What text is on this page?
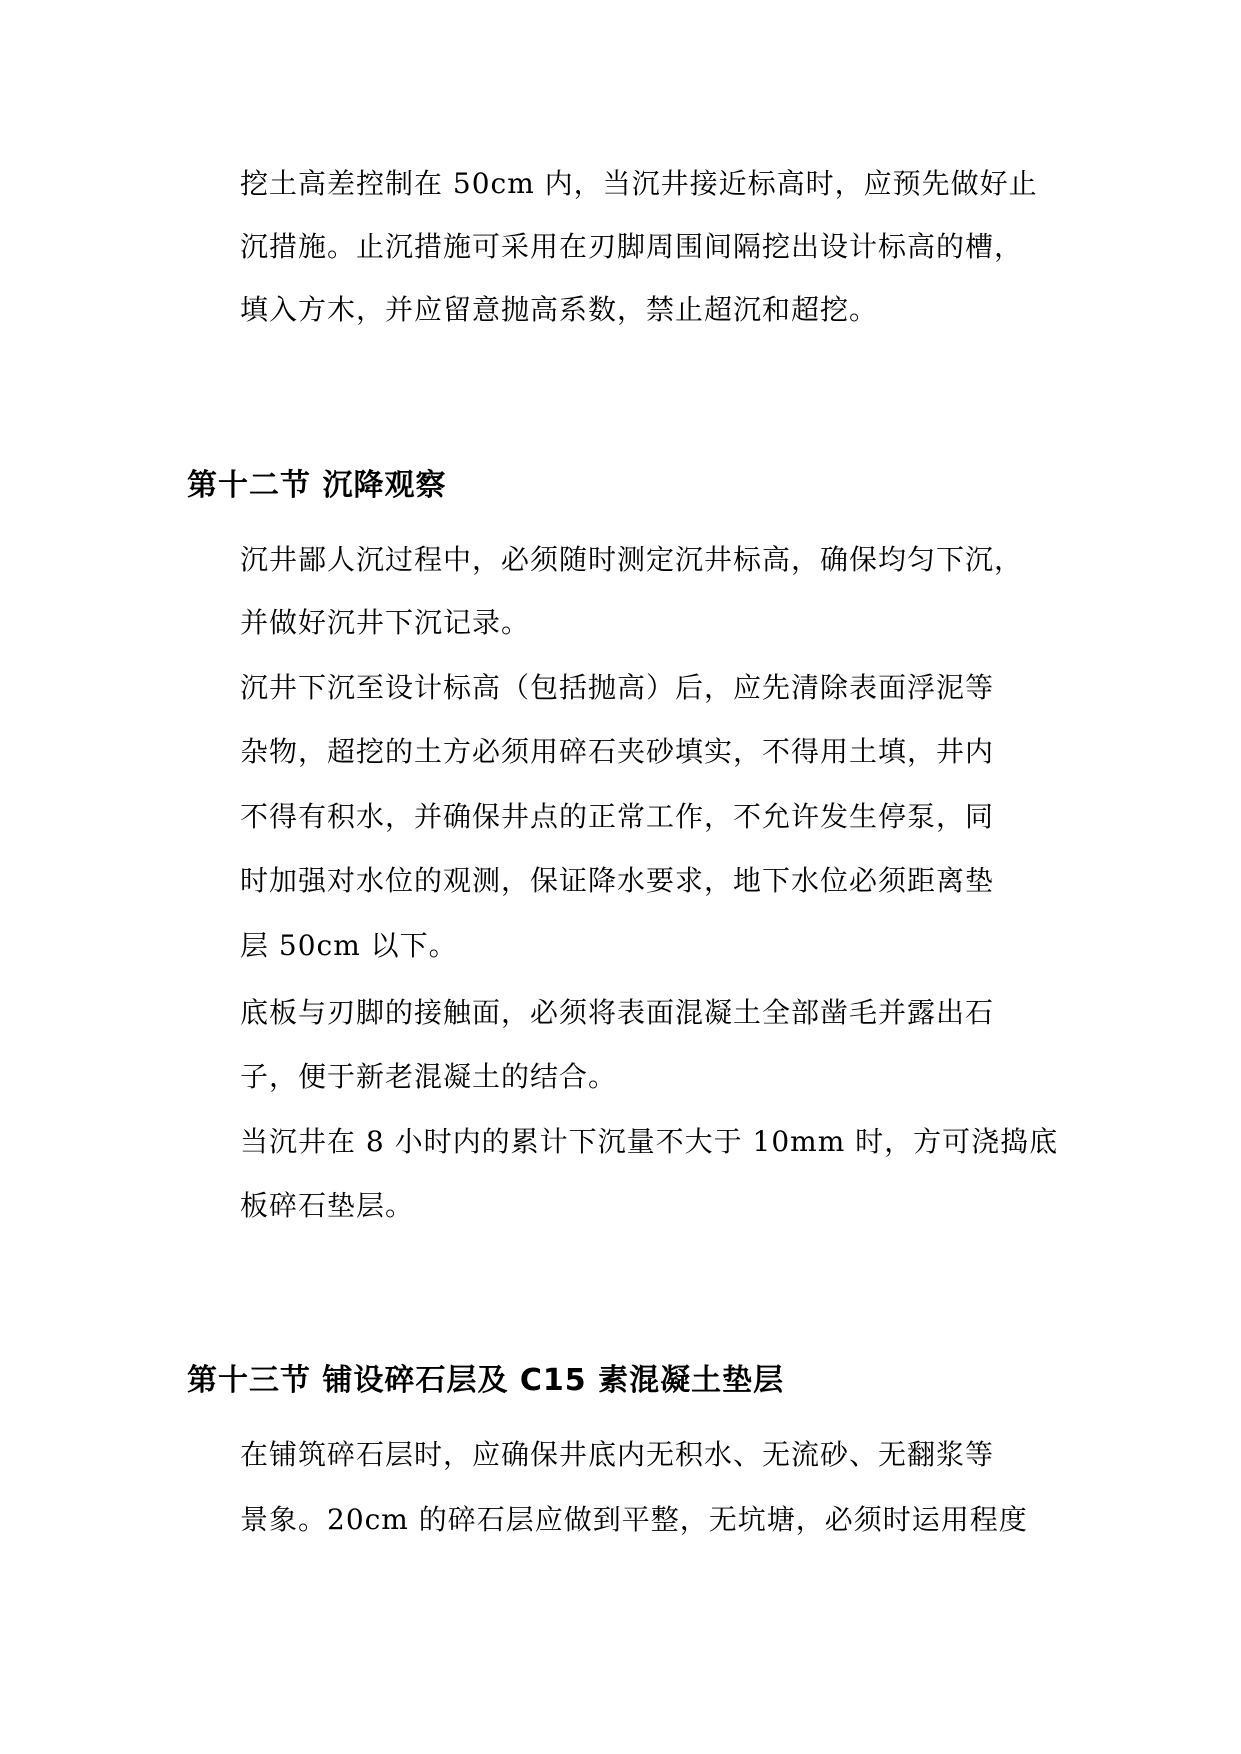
挖土高差控制在 50cm 内，当沉井接近标高时，应预先做好止
沉措施。止沉措施可采用在刃脚周围间隔挖出设计标高的槽，
填入方木，并应留意抛高系数，禁止超沉和超挖。
第十二节 沉降观察
沉井鄙人沉过程中，必须随时测定沉井标高，确保均匀下沉，
并做好沉井下沉记录。
沉井下沉至设计标高（包括抛高）后，应先清除表面浮泥等
杂物，超挖的土方必须用碎石夹砂填实，不得用土填，井内
不得有积水，并确保井点的正常工作，不允许发生停泵，同
时加强对水位的观测，保证降水要求，地下水位必须距离垫
层 50cm 以下。
底板与刃脚的接触面，必须将表面混凝土全部凿毛并露出石
子，便于新老混凝土的结合。
当沉井在 8 小时内的累计下沉量不大于 10mm 时，方可浇捣底
板碎石垫层。
第十三节 铺设碎石层及 C15 素混凝土垫层
在铺筑碎石层时，应确保井底内无积水、无流砂、无翻浆等
景象。20cm 的碎石层应做到平整，无坑塘，必须时运用程度
